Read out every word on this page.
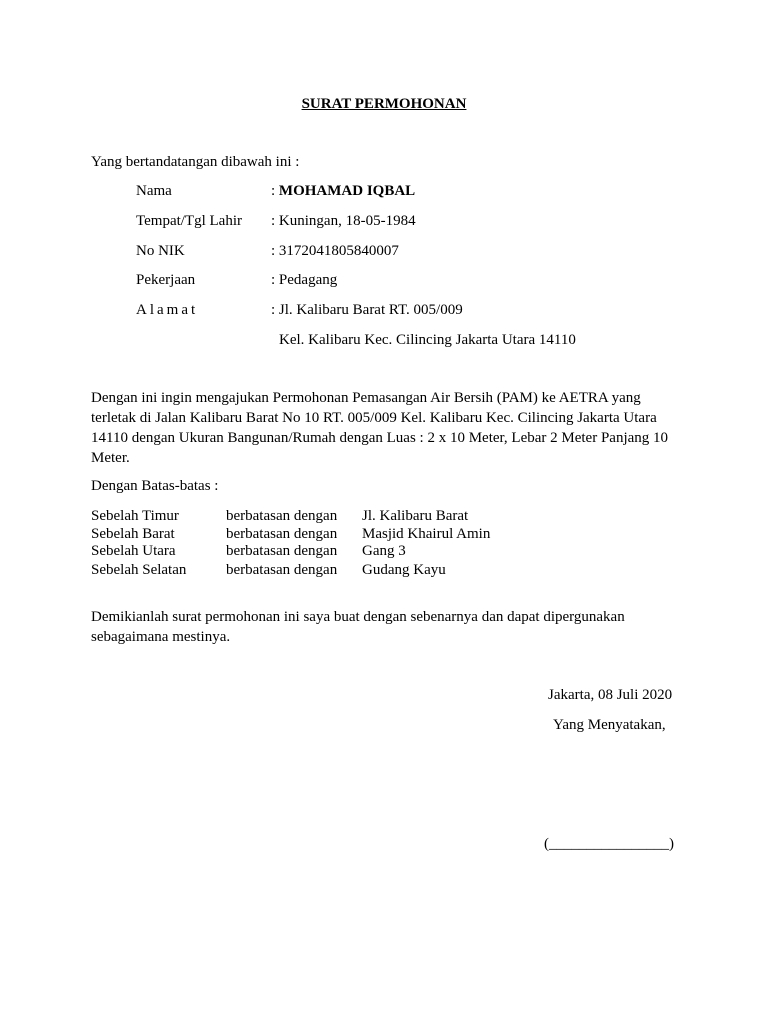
SURAT PERMOHONAN
Yang bertandatangan dibawah ini :
Nama	: MOHAMAD IQBAL
Tempat/Tgl Lahir : Kuningan, 18-05-1984
No NIK	: 3172041805840007
Pekerjaan	: Pedagang
Alamat	: Jl. Kalibaru Barat RT. 005/009
Kel. Kalibaru Kec. Cilincing Jakarta Utara 14110
Dengan ini ingin mengajukan Permohonan Pemasangan Air Bersih (PAM) ke AETRA yang terletak di Jalan Kalibaru Barat No 10 RT. 005/009 Kel. Kalibaru Kec. Cilincing Jakarta Utara 14110 dengan Ukuran Bangunan/Rumah dengan Luas : 2 x 10 Meter, Lebar 2 Meter Panjang 10 Meter.
Dengan Batas-batas :
Sebelah Timur	berbatasan dengan Jl. Kalibaru Barat
Sebelah Barat	berbatasan dengan Masjid Khairul Amin
Sebelah Utara	berbatasan dengan Gang 3
Sebelah Selatan	berbatasan dengan Gudang Kayu
Demikianlah surat permohonan ini saya buat dengan sebenarnya dan dapat dipergunakan sebagaimana mestinya.
Jakarta, 08 Juli 2020
Yang Menyatakan,
(________________)
